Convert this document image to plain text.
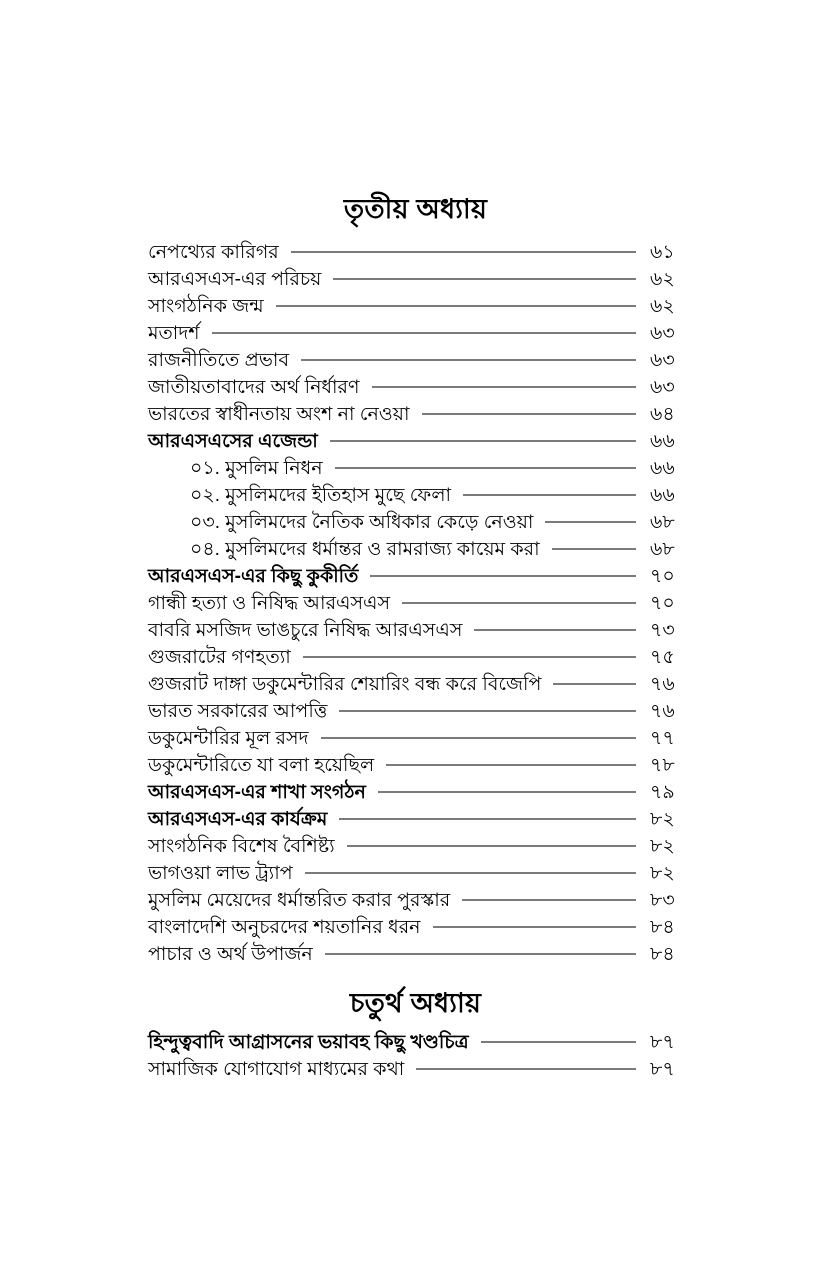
তৃতীয় অধ্যায়
নেপথ্যের কারিগর	৬১
আরএসএস-এর পরিচয়	৬২
সাংগঠনিক জন্ম	৬২
মতাদর্শ	৬৩
রাজনীতিতে প্রভাব	৬৩
জাতীয়তাবাদের অর্থ নির্ধারণ	৬৩
ভারতের স্বাধীনতায় অংশ না নেওয়া	৬৪
আরএসএসের এজেন্ডা	৬৬
০১. মুসলিম নিধন	৬৬
০২. মুসলিমদের ইতিহাস মুছে ফেলা	৬৬
০৩. মুসলিমদের নৈতিক অধিকার কেড়ে নেওয়া	৬৮
০৪. মুসলিমদের ধর্মান্তর ও রামরাজ্য কায়েম করা	৬৮
আরএসএস-এর কিছু কুকীর্তি	৭০
গান্ধী হত্যা ও নিষিদ্ধ আরএসএস	৭০
বাবরি মসজিদ ভাঙচুরে নিষিদ্ধ আরএসএস	৭৩
গুজরাটের গণহত্যা	৭৫
গুজরাট দাঙ্গা ডকুমেন্টারির শেয়ারিং বন্ধ করে বিজেপি	৭৬
ভারত সরকারের আপত্তি	৭৬
ডকুমেন্টারির মূল রসদ	৭৭
ডকুমেন্টারিতে যা বলা হয়েছিল	৭৮
আরএসএস-এর শাখা সংগঠন	৭৯
আরএসএস-এর কার্যক্রম	৮২
সাংগঠনিক বিশেষ বৈশিষ্ট্য	৮২
ভাগওয়া লাভ ট্র্যাপ	৮২
মুসলিম মেয়েদের ধর্মান্তরিত করার পুরস্কার	৮৩
বাংলাদেশি অনুচরদের শয়তানির ধরন	৮৪
পাচার ও অর্থ উপার্জন	৮৪
চতুর্থ অধ্যায়
হিন্দুত্ববাদি আগ্রাসনের ভয়াবহ কিছু খণ্ডচিত্র	৮৭
সামাজিক যোগাযোগ মাধ্যমের কথা	৮৭
